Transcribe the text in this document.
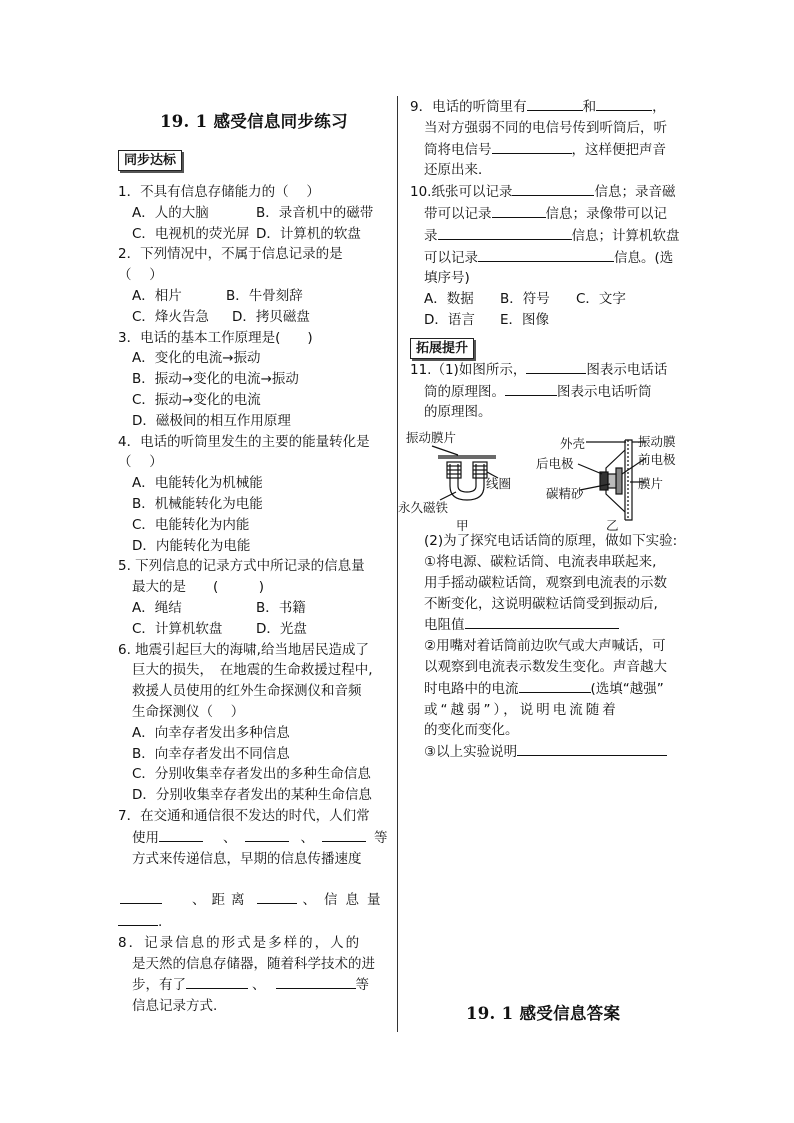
19. 1 感受信息同步练习
同步达标
1．不具有信息存储能力的（　 ）
A．人的大脑	B．录音机中的磁带
C．电视机的荧光屏 D．计算机的软盘
2．下列情况中，不属于信息记录的是
（　 ）
A．相片	B．牛骨刻辞
C．烽火告急 D．拷贝磁盘
3．电话的基本工作原理是(　　)
A．变化的电流→振动
B．振动→变化的电流→振动
C．振动→变化的电流
D．磁极间的相互作用原理
4．电话的听筒里发生的主要的能量转化是
（　 ）
A．电能转化为机械能
B．机械能转化为电能
C．电能转化为内能
D．内能转化为电能
5. 下列信息的记录方式中所记录的信息量
最大的是　　(　　　)
A．绳结	B．书籍
C．计算机软盘 D．光盘
6. 地震引起巨大的海啸,给当地居民造成了
巨大的损失，　在地震的生命救援过程中,
救援人员使用的红外生命探测仪和音频
生命探测仪（　 ）
A．向幸存者发出多种信息
B．向幸存者发出不同信息
C．分别收集幸存者发出的多种生命信息
D．分别收集幸存者发出的某种生命信息
7．在交通和通信很不发达的时代，人们常
使用	、	、	等
方式来传递信息，早期的信息传播速度
、距离	、信息量
.
8．记录信息的形式是多样的，人的
是天然的信息存储器，随着科学技术的进
步，有了	、	等
信息记录方式.
9．电话的听筒里有	和	，
当对方强弱不同的电信号传到听筒后，听
筒将电信号	，这样便把声音
还原出来．
10.纸张可以记录	信息；录音磁
带可以记录	信息；录像带可以记
录	信息；计算机软盘
可以记录	信息。(选
填序号)
A．数据 B．符号 C．文字
D．语言 E．图像
11.（1)如图所示，	图表示电话话
筒的原理图。	图表示电话听筒
的原理图。
(2)为了探究电话话筒的原理，做如下实验:
①将电源、碳粒话筒、电流表串联起来,
用手摇动碳粒话筒，观察到电流表的示数
不断变化，这说明碳粒话筒受到振动后,
电阻值
②用嘴对着话筒前边吹气或大声喊话，可
以观察到电流表示数发生变化。声音越大
时电路中的电流	(选填“越强”
或“越弱”），说明电流随着
的变化而变化。
③以上实验说明
拓展提升
振动膜片
线圈
永久磁铁
甲
外壳	振动膜
后电极	前电极
碳精砂
膜片
乙
19. 1 感受信息答案
